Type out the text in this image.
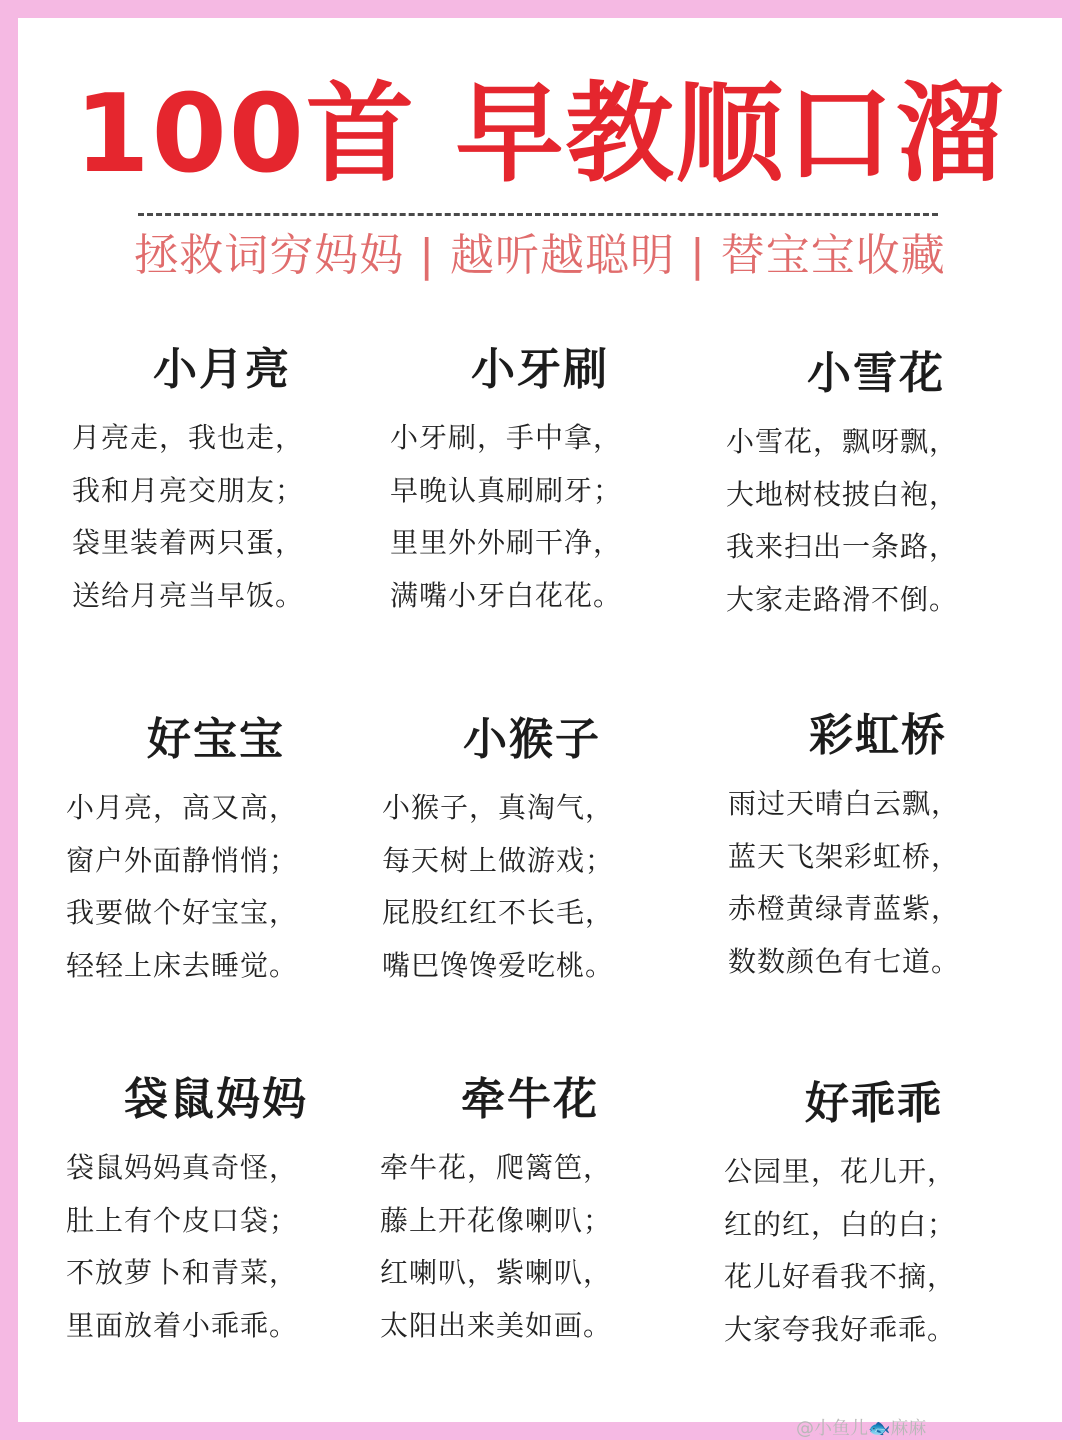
100首 早教顺口溜
拯救词穷妈妈 | 越听越聪明 | 替宝宝收藏
小月亮
月亮走，我也走，
我和月亮交朋友；
袋里装着两只蛋，
送给月亮当早饭。
小牙刷
小牙刷，手中拿，
早晚认真刷刷牙；
里里外外刷干净，
满嘴小牙白花花。
小雪花
小雪花，飘呀飘，
大地树枝披白袍，
我来扫出一条路，
大家走路滑不倒。
好宝宝
小月亮，高又高，
窗户外面静悄悄；
我要做个好宝宝，
轻轻上床去睡觉。
小猴子
小猴子，真淘气，
每天树上做游戏；
屁股红红不长毛，
嘴巴馋馋爱吃桃。
彩虹桥
雨过天晴白云飘，
蓝天飞架彩虹桥，
赤橙黄绿青蓝紫，
数数颜色有七道。
袋鼠妈妈
袋鼠妈妈真奇怪，
肚上有个皮口袋；
不放萝卜和青菜，
里面放着小乖乖。
牵牛花
牵牛花，爬篱笆，
藤上开花像喇叭；
红喇叭，紫喇叭，
太阳出来美如画。
好乖乖
公园里，花儿开，
红的红，白的白；
花儿好看我不摘，
大家夸我好乖乖。
@小鱼儿🐟麻麻
